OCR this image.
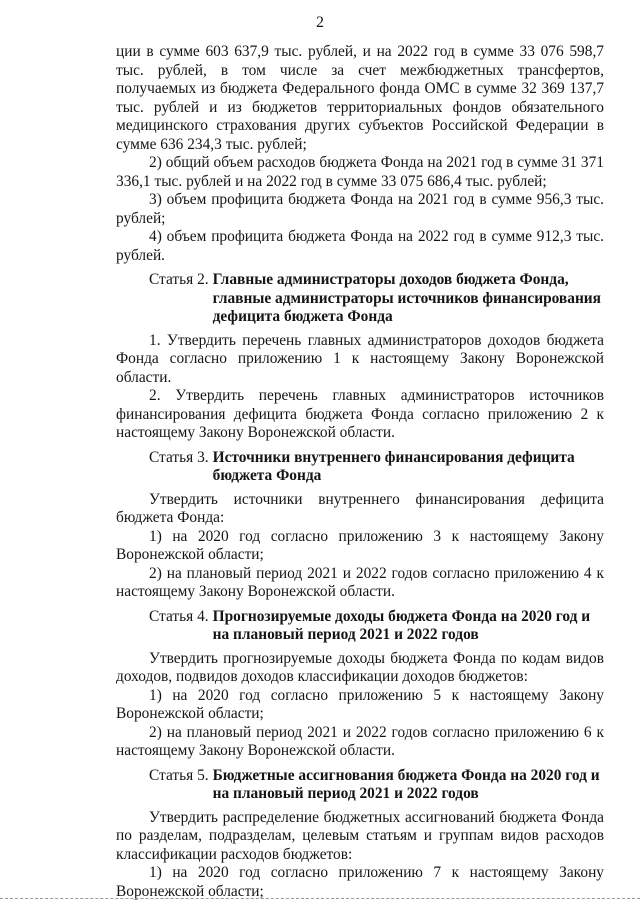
2

ции в сумме 603 637,9 тыс. рублей, и на 2022 год в сумме 33 076 598,7 тыс. рублей, в том числе за счет межбюджетных трансфертов, получаемых из бюджета Федерального фонда ОМС в сумме 32 369 137,7 тыс. рублей и из бюджетов территориальных фондов обязательного медицинского страхования других субъектов Российской Федерации в сумме 636 234,3 тыс. рублей;

2) общий объем расходов бюджета Фонда на 2021 год в сумме 31 371 336,1 тыс. рублей и на 2022 год в сумме 33 075 686,4 тыс. рублей;

3) объем профицита бюджета Фонда на 2021 год в сумме 956,3 тыс. рублей;

4) объем профицита бюджета Фонда на 2022 год в сумме 912,3 тыс. рублей.

Статья 2. Главные администраторы доходов бюджета Фонда, главные администраторы источников финансирования дефицита бюджета Фонда

1. Утвердить перечень главных администраторов доходов бюджета Фонда согласно приложению 1 к настоящему Закону Воронежской области.

2. Утвердить перечень главных администраторов источников финансирования дефицита бюджета Фонда согласно приложению 2 к настоящему Закону Воронежской области.

Статья 3. Источники внутреннего финансирования дефицита бюджета Фонда

Утвердить источники внутреннего финансирования дефицита бюджета Фонда:

1) на 2020 год согласно приложению 3 к настоящему Закону Воронежской области;

2) на плановый период 2021 и 2022 годов согласно приложению 4 к настоящему Закону Воронежской области.

Статья 4. Прогнозируемые доходы бюджета Фонда на 2020 год и на плановый период 2021 и 2022 годов

Утвердить прогнозируемые доходы бюджета Фонда по кодам видов доходов, подвидов доходов классификации доходов бюджетов:

1) на 2020 год согласно приложению 5 к настоящему Закону Воронежской области;

2) на плановый период 2021 и 2022 годов согласно приложению 6 к настоящему Закону Воронежской области.

Статья 5. Бюджетные ассигнования бюджета Фонда на 2020 год и на плановый период 2021 и 2022 годов

Утвердить распределение бюджетных ассигнований бюджета Фонда по разделам, подразделам, целевым статьям и группам видов расходов классификации расходов бюджетов:

1) на 2020 год согласно приложению 7 к настоящему Закону Воронежской области;
